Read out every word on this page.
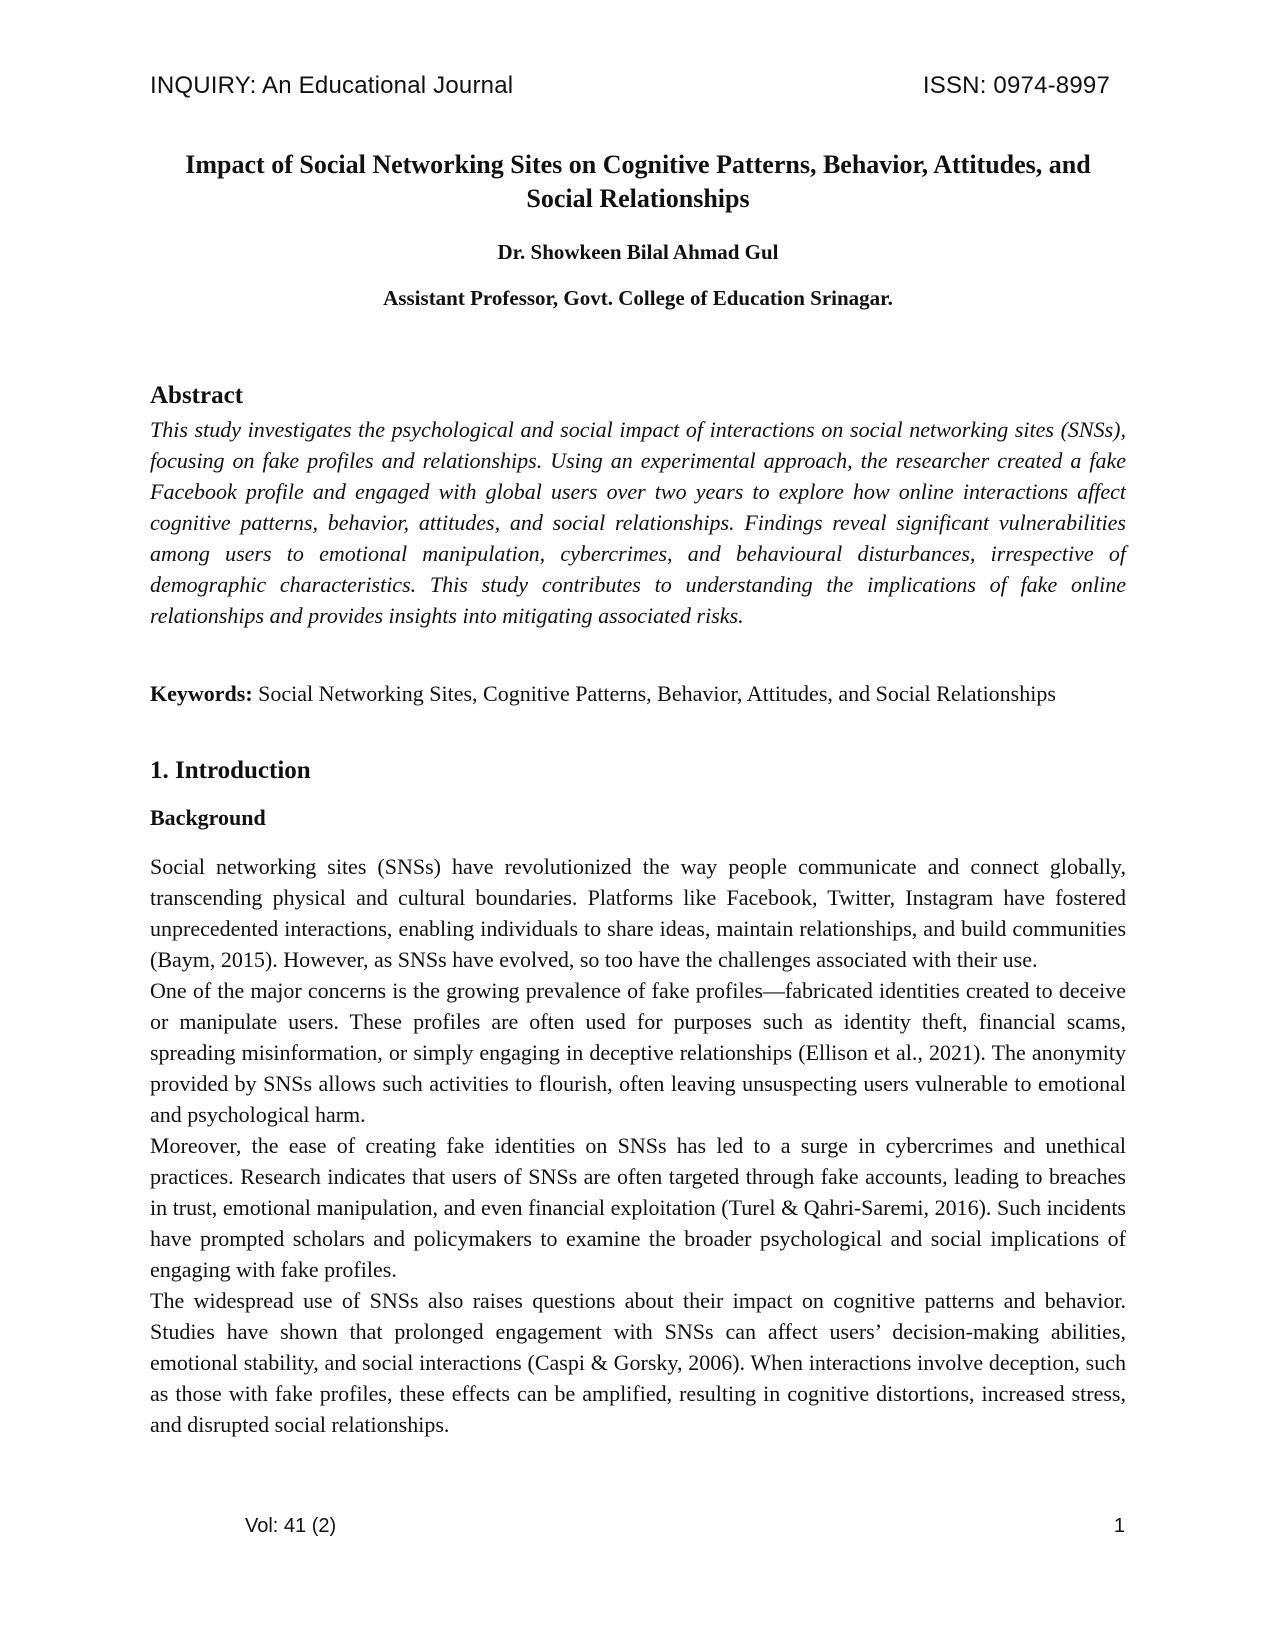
INQUIRY: An Educational Journal	ISSN: 0974-8997
Impact of Social Networking Sites on Cognitive Patterns, Behavior, Attitudes, and Social Relationships
Dr. Showkeen Bilal Ahmad Gul
Assistant Professor, Govt. College of Education Srinagar.
Abstract
This study investigates the psychological and social impact of interactions on social networking sites (SNSs), focusing on fake profiles and relationships. Using an experimental approach, the researcher created a fake Facebook profile and engaged with global users over two years to explore how online interactions affect cognitive patterns, behavior, attitudes, and social relationships. Findings reveal significant vulnerabilities among users to emotional manipulation, cybercrimes, and behavioural disturbances, irrespective of demographic characteristics. This study contributes to understanding the implications of fake online relationships and provides insights into mitigating associated risks.
Keywords: Social Networking Sites, Cognitive Patterns, Behavior, Attitudes, and Social Relationships
1. Introduction
Background

Social networking sites (SNSs) have revolutionized the way people communicate and connect globally, transcending physical and cultural boundaries. Platforms like Facebook, Twitter, Instagram have fostered unprecedented interactions, enabling individuals to share ideas, maintain relationships, and build communities (Baym, 2015). However, as SNSs have evolved, so too have the challenges associated with their use.

One of the major concerns is the growing prevalence of fake profiles—fabricated identities created to deceive or manipulate users. These profiles are often used for purposes such as identity theft, financial scams, spreading misinformation, or simply engaging in deceptive relationships (Ellison et al., 2021). The anonymity provided by SNSs allows such activities to flourish, often leaving unsuspecting users vulnerable to emotional and psychological harm.

Moreover, the ease of creating fake identities on SNSs has led to a surge in cybercrimes and unethical practices. Research indicates that users of SNSs are often targeted through fake accounts, leading to breaches in trust, emotional manipulation, and even financial exploitation (Turel & Qahri-Saremi, 2016). Such incidents have prompted scholars and policymakers to examine the broader psychological and social implications of engaging with fake profiles.

The widespread use of SNSs also raises questions about their impact on cognitive patterns and behavior. Studies have shown that prolonged engagement with SNSs can affect users’ decision-making abilities, emotional stability, and social interactions (Caspi & Gorsky, 2006). When interactions involve deception, such as those with fake profiles, these effects can be amplified, resulting in cognitive distortions, increased stress, and disrupted social relationships.

Vol: 41 (2)	1
